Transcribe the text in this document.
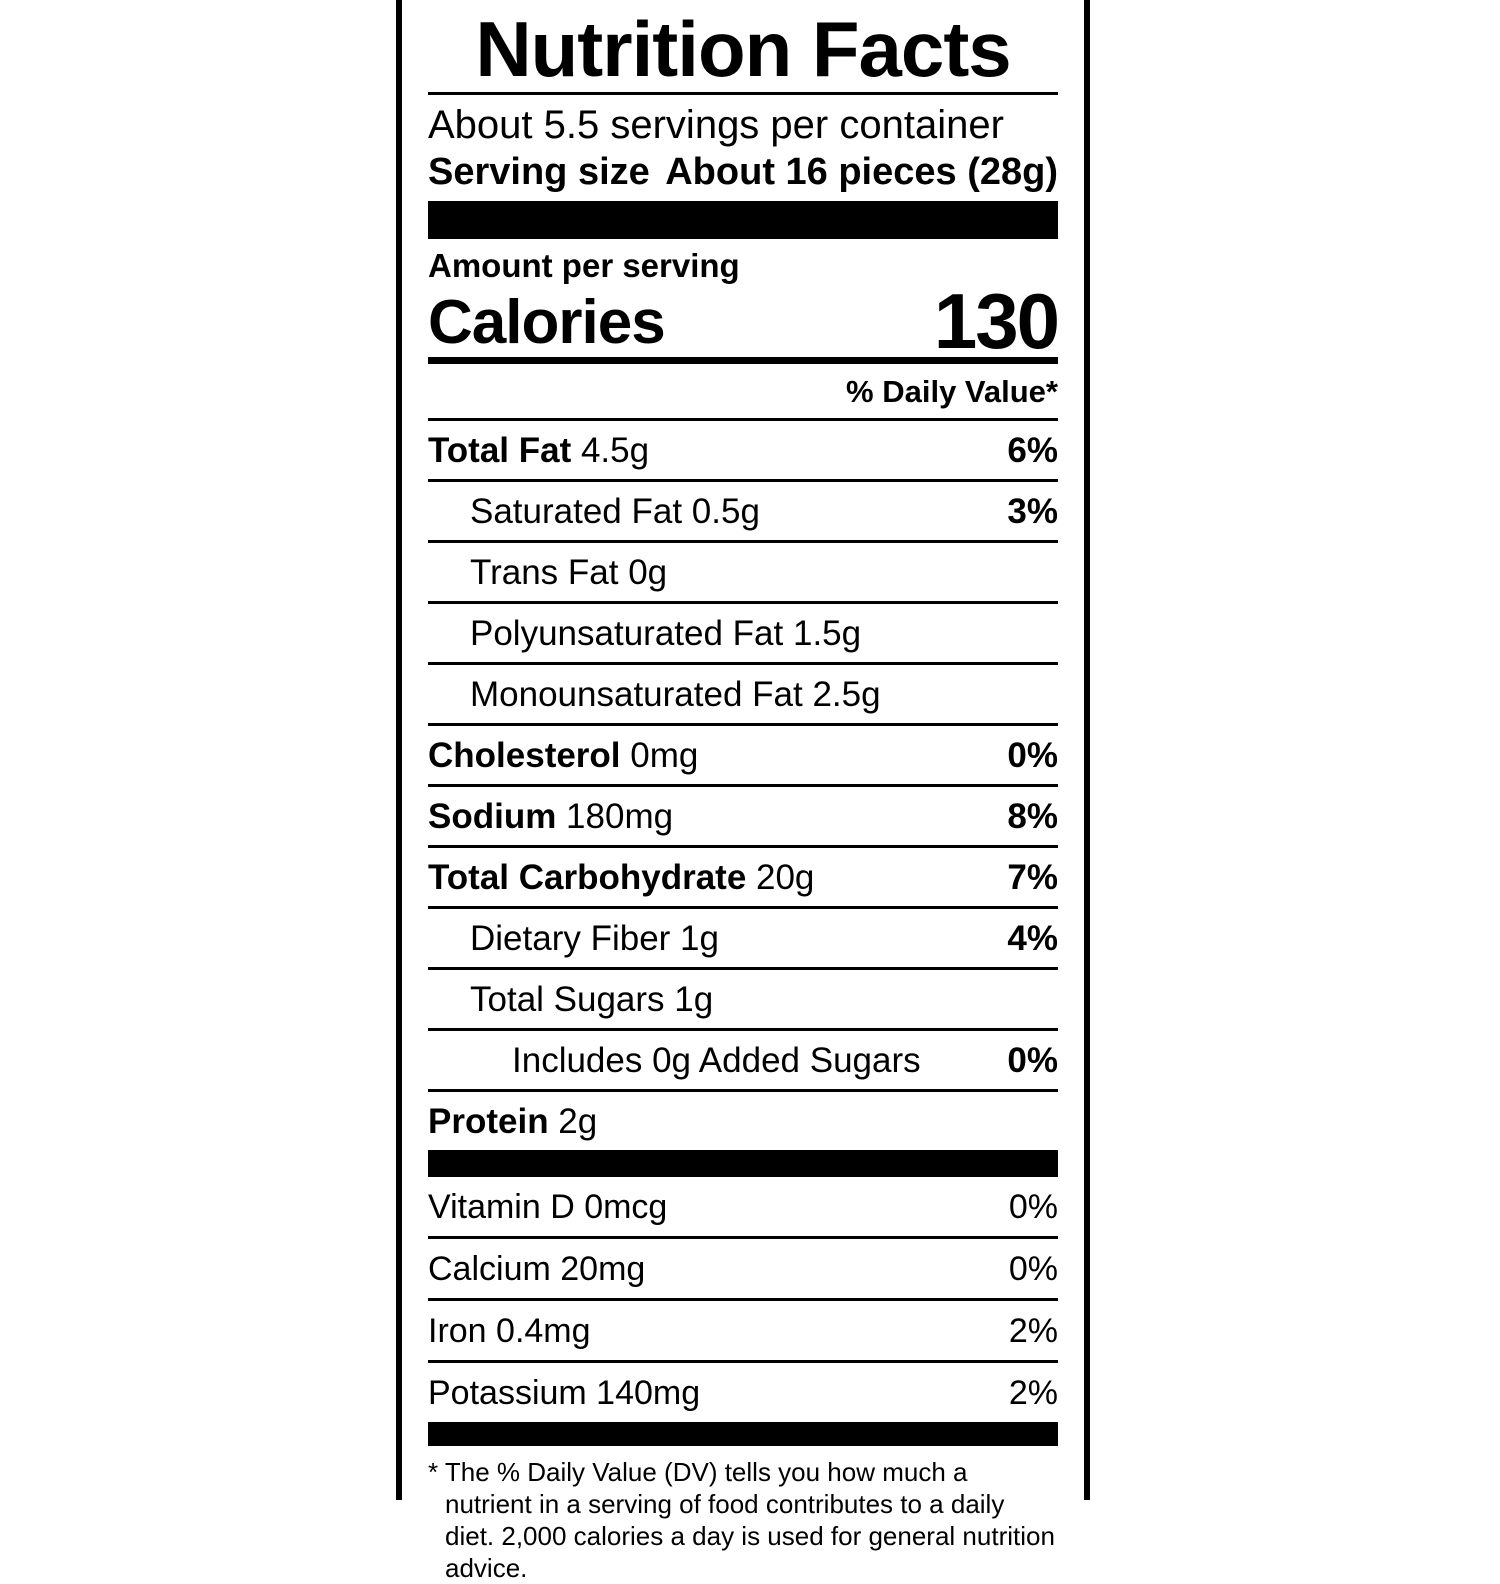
Nutrition Facts
About 5.5 servings per container
Serving size About 16 pieces (28g)
Amount per serving
Calories	130
% Daily Value*
Total Fat 4.5g	6%
Saturated Fat 0.5g	3%
Trans Fat 0g
Polyunsaturated Fat 1.5g
Monounsaturated Fat 2.5g
Cholesterol 0mg	0%
Sodium 180mg	8%
Total Carbohydrate 20g	7%
Dietary Fiber 1g	4%
Total Sugars 1g
Includes 0g Added Sugars 0%
Protein 2g
Vitamin D 0mcg	0%
Calcium 20mg	0%
Iron 0.4mg	2%
Potassium 140mg	2%
* The % Daily Value (DV) tells you how much a nutrient in a serving of food contributes to a daily diet. 2,000 calories a day is used for general nutrition advice.
